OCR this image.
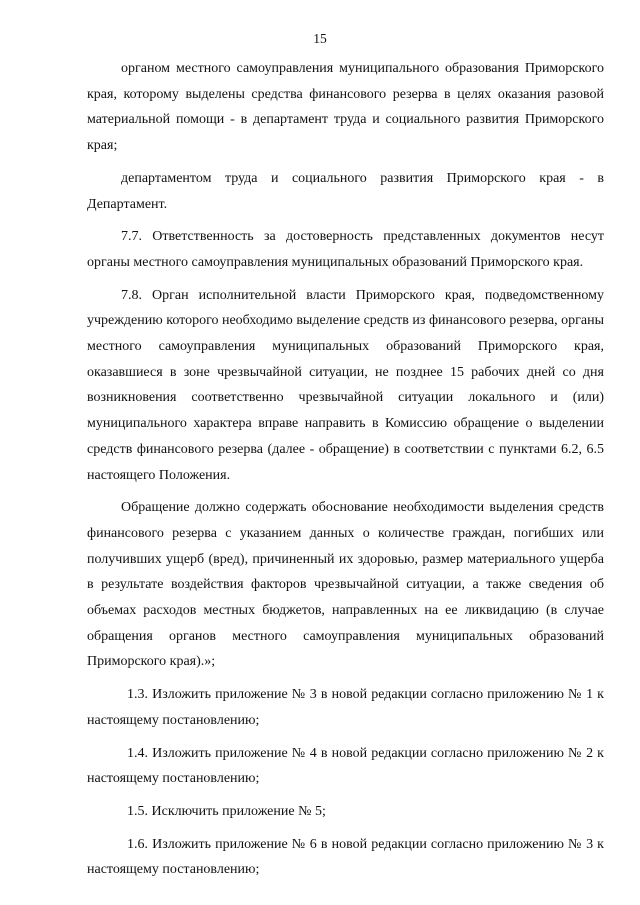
15

органом местного самоуправления муниципального образования Приморского края, которому выделены средства финансового резерва в целях оказания разовой материальной помощи - в департамент труда и социального развития Приморского края;

департаментом труда и социального развития Приморского края - в Департамент.

7.7. Ответственность за достоверность представленных документов несут органы местного самоуправления муниципальных образований Приморского края.

7.8. Орган исполнительной власти Приморского края, подведомственному учреждению которого необходимо выделение средств из финансового резерва, органы местного самоуправления муниципальных образований Приморского края, оказавшиеся в зоне чрезвычайной ситуации, не позднее 15 рабочих дней со дня возникновения соответственно чрезвычайной ситуации локального и (или) муниципального характера вправе направить в Комиссию обращение о выделении средств финансового резерва (далее - обращение) в соответствии с пунктами 6.2, 6.5 настоящего Положения.

Обращение должно содержать обоснование необходимости выделения средств финансового резерва с указанием данных о количестве граждан, погибших или получивших ущерб (вред), причиненный их здоровью, размер материального ущерба в результате воздействия факторов чрезвычайной ситуации, а также сведения об объемах расходов местных бюджетов, направленных на ее ликвидацию (в случае обращения органов местного самоуправления муниципальных образований Приморского края).»;

1.3. Изложить приложение № 3 в новой редакции согласно приложению № 1 к настоящему постановлению;

1.4. Изложить приложение № 4 в новой редакции согласно приложению № 2 к настоящему постановлению;

1.5. Исключить приложение № 5;

1.6. Изложить приложение № 6 в новой редакции согласно приложению № 3 к настоящему постановлению;
